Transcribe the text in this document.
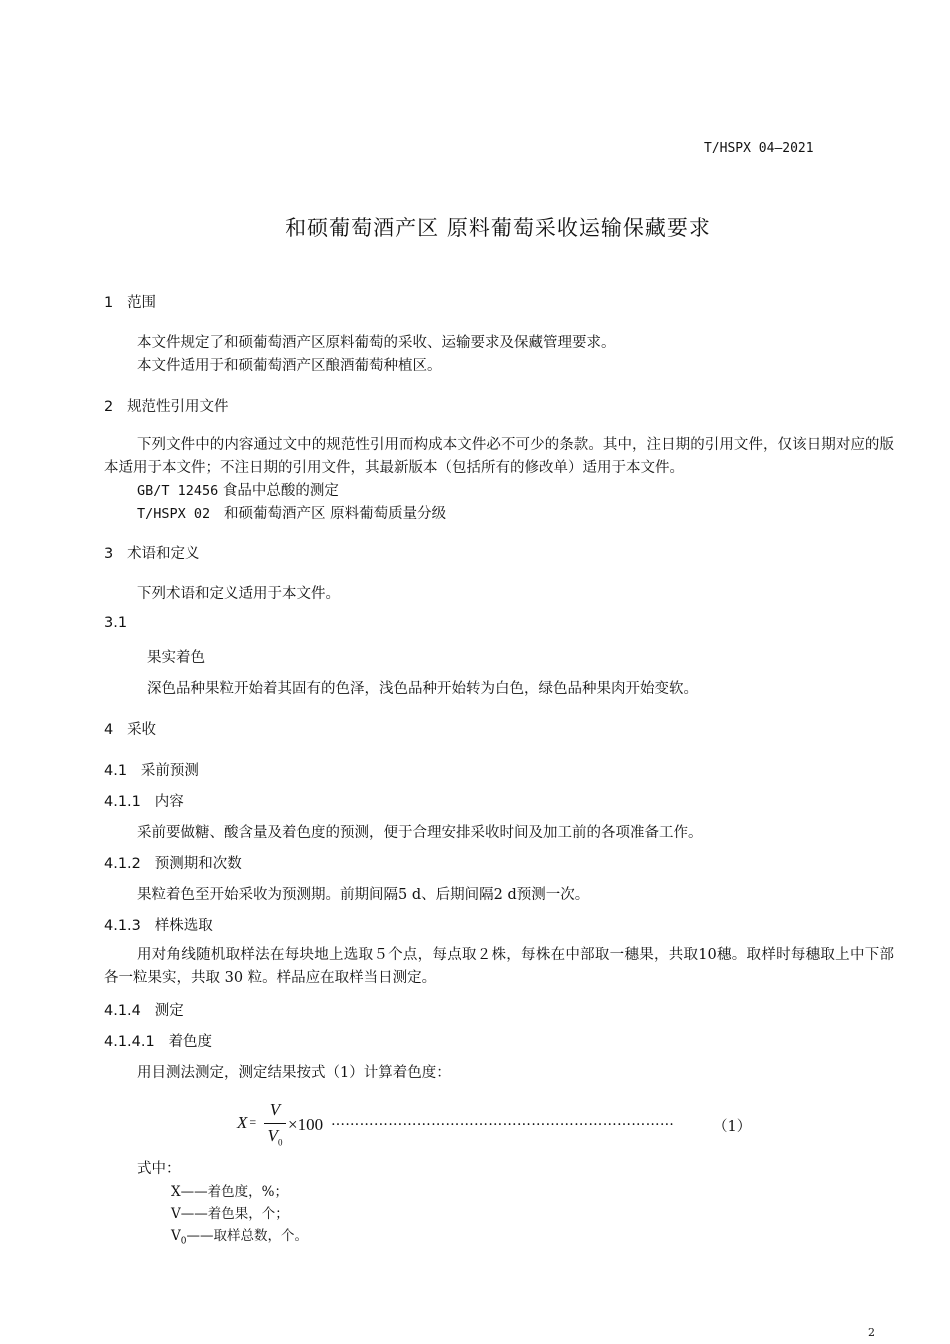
T/HSPX 04—2021
和硕葡萄酒产区 原料葡萄采收运输保藏要求
1 范围
本文件规定了和硕葡萄酒产区原料葡萄的采收、运输要求及保藏管理要求。
本文件适用于和硕葡萄酒产区酿酒葡萄种植区。
2 规范性引用文件
下列文件中的内容通过文中的规范性引用而构成本文件必不可少的条款。其中，注日期的引用文件，仅该日期对应的版本适用于本文件；不注日期的引用文件，其最新版本（包括所有的修改单）适用于本文件。
GB/T 12456 食品中总酸的测定
T/HSPX 02 和硕葡萄酒产区 原料葡萄质量分级
3 术语和定义
下列术语和定义适用于本文件。
3.1
果实着色
深色品种果粒开始着其固有的色泽，浅色品种开始转为白色，绿色品种果肉开始变软。
4 采收
4.1 采前预测
4.1.1 内容
采前要做糖、酸含量及着色度的预测，便于合理安排采收时间及加工前的各项准备工作。
4.1.2 预测期和次数
果粒着色至开始采收为预测期。前期间隔5 d、后期间隔2 d预测一次。
4.1.3 样株选取
用对角线随机取样法在每块地上选取５个点，每点取２株，每株在中部取一穗果，共取10穗。取样时每穗取上中下部各一粒果实，共取 30 粒。样品应在取样当日测定。
4.1.4 测定
4.1.4.1 着色度
用目测法测定，测定结果按式（1）计算着色度：
X =
V
$V_0$
×100 ………………………………………………………………	（1）
式中：
X——着色度，%；
V——着色果，个；
$V_0——$取样总数，个。
2
